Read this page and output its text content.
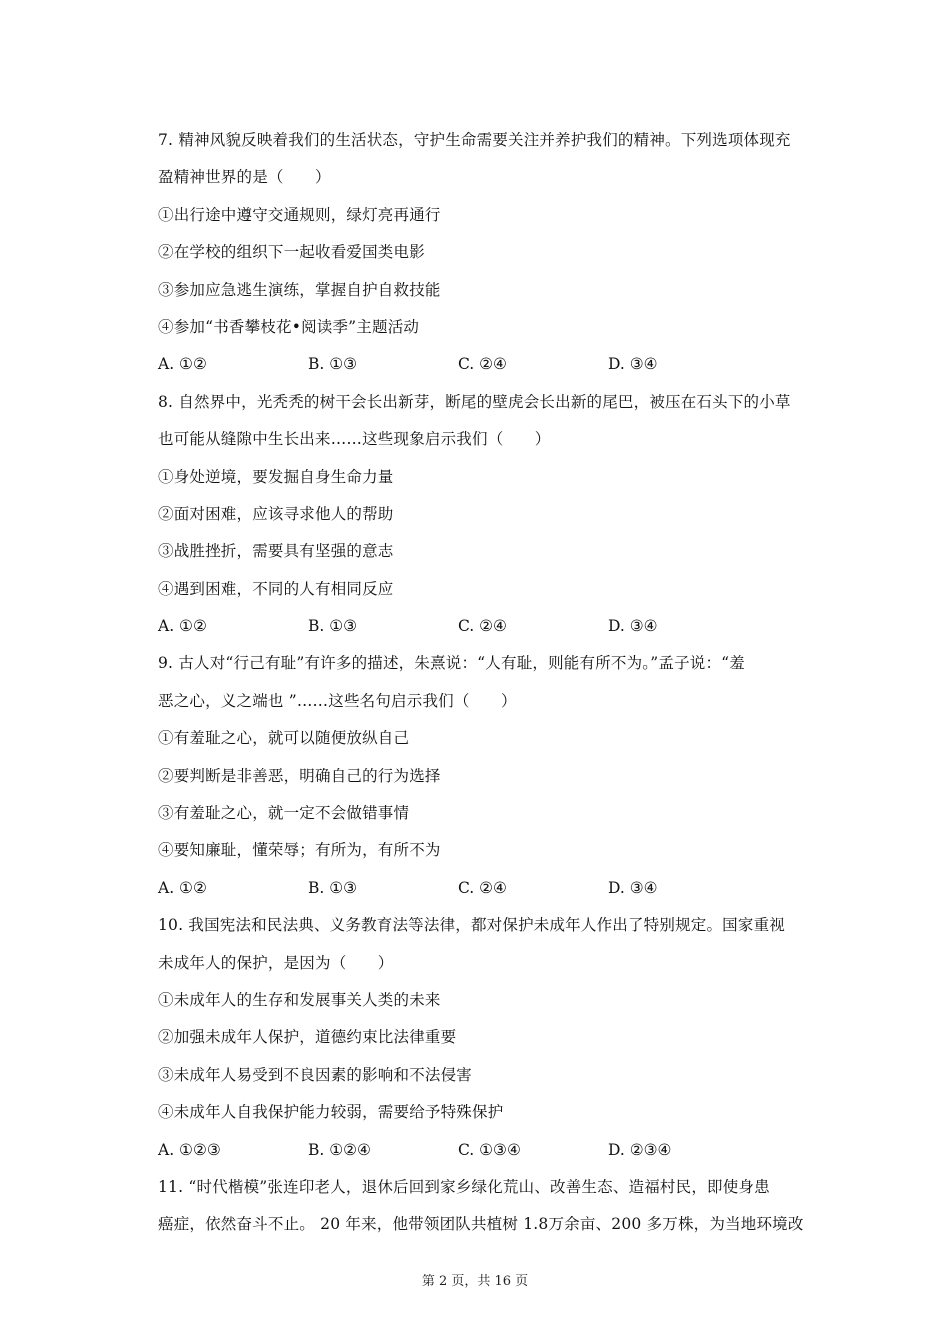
7. 精神风貌反映着我们的生活状态，守护生命需要关注并养护我们的精神。下列选项体现充
盈精神世界的是（　　）
①出行途中遵守交通规则，绿灯亮再通行
②在学校的组织下一起收看爱国类电影
③参加应急逃生演练，掌握自护自救技能
④参加“书香攀枝花•阅读季”主题活动
A. ①②	B. ①③	C. ②④	D. ③④
8. 自然界中，光秃秃的树干会长出新芽，断尾的壁虎会长出新的尾巴，被压在石头下的小草
也可能从缝隙中生长出来……这些现象启示我们（　　）
①身处逆境，要发掘自身生命力量
②面对困难，应该寻求他人的帮助
③战胜挫折，需要具有坚强的意志
④遇到困难，不同的人有相同反应
A. ①②	B. ①③	C. ②④	D. ③④
9. 古人对“行己有耻”有许多的描述，朱熹说：“人有耻，则能有所不为。”孟子说：“羞
恶之心，义之端也 ”……这些名句启示我们（　　）
①有羞耻之心，就可以随便放纵自己
②要判断是非善恶，明确自己的行为选择
③有羞耻之心，就一定不会做错事情
④要知廉耻，懂荣辱；有所为，有所不为
A. ①②	B. ①③	C. ②④	D. ③④
10. 我国宪法和民法典、义务教育法等法律，都对保护未成年人作出了特别规定。国家重视
未成年人的保护，是因为（　　）
①未成年人的生存和发展事关人类的未来
②加强未成年人保护，道德约束比法律重要
③未成年人易受到不良因素的影响和不法侵害
④未成年人自我保护能力较弱，需要给予特殊保护
A. ①②③	B. ①②④	C. ①③④	D. ②③④
11. “时代楷模”张连印老人，退休后回到家乡绿化荒山、改善生态、造福村民，即使身患
癌症，依然奋斗不止。 20 年来，他带领团队共植树 1.8万余亩、200 多万株，为当地环境改
第 2 页，共 16 页
